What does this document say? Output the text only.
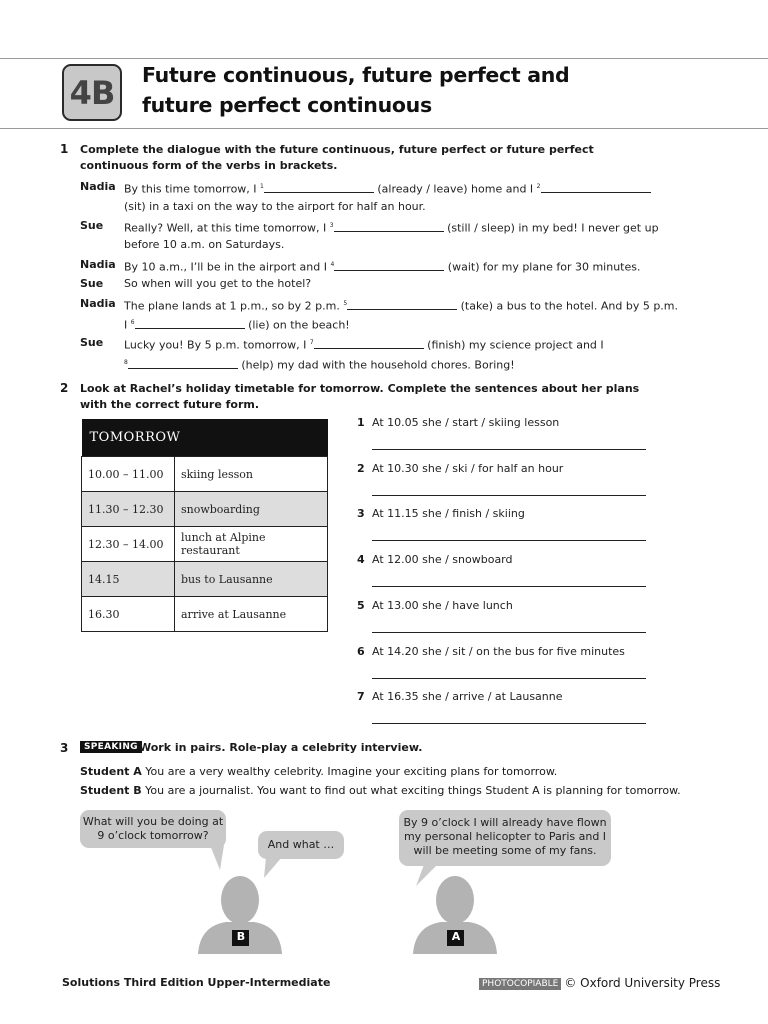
4B	Future continuous, future perfect and
future perfect continuous
1 Complete the dialogue with the future continuous, future perfect or future perfect continuous form of the verbs in brackets.
Nadia By this time tomorrow, I $^1$	(already / leave) home and I $^2$
(sit) in a taxi on the way to the airport for half an hour.
Sue	Really? Well, at this time tomorrow, I $^3$	(still / sleep) in my bed! I never get up
before 10 a.m. on Saturdays.
Nadia By 10 a.m., I’ll be in the airport and I $^4$	(wait) for my plane for 30 minutes.
Sue	So when will you get to the hotel?
Nadia The plane lands at 1 p.m., so by 2 p.m. $^5$	(take) a bus to the hotel. And by 5 p.m.
I $^6$	(lie) on the beach!
Sue	Lucky you! By 5 p.m. tomorrow, I $^7$	(finish) my science project and I
$^8$	(help) my dad with the household chores. Boring!
2 Look at Rachel’s holiday timetable for tomorrow. Complete the sentences about her plans with the correct future form.
TOMORROW	
10.00 – 11.00	skiing lesson
11.30 – 12.30	snowboarding
12.30 – 14.00	lunch at Alpine restaurant
14.15	bus to Lausanne
16.30	arrive at Lausanne
1 At 10.05 she / start / skiing lesson
2 At 10.30 she / ski / for half an hour
3 At 11.15 she / finish / skiing
4 At 12.00 she / snowboard
5 At 13.00 she / have lunch
6 At 14.20 she / sit / on the bus for five minutes
7 At 16.35 she / arrive / at Lausanne
3	SPEAKING Work in pairs. Role-play a celebrity interview.
Student A You are a very wealthy celebrity. Imagine your exciting plans for tomorrow.
Student B You are a journalist. You want to find out what exciting things Student A is planning for tomorrow.
B	A
What will you be doing at
9 o’clock tomorrow?
And what …
By 9 o’clock I will already have flown
my personal helicopter to Paris and I
will be meeting some of my fans.
Solutions Third Edition Upper-Intermediate	PHOTOCOPIABLE © Oxford University Press
